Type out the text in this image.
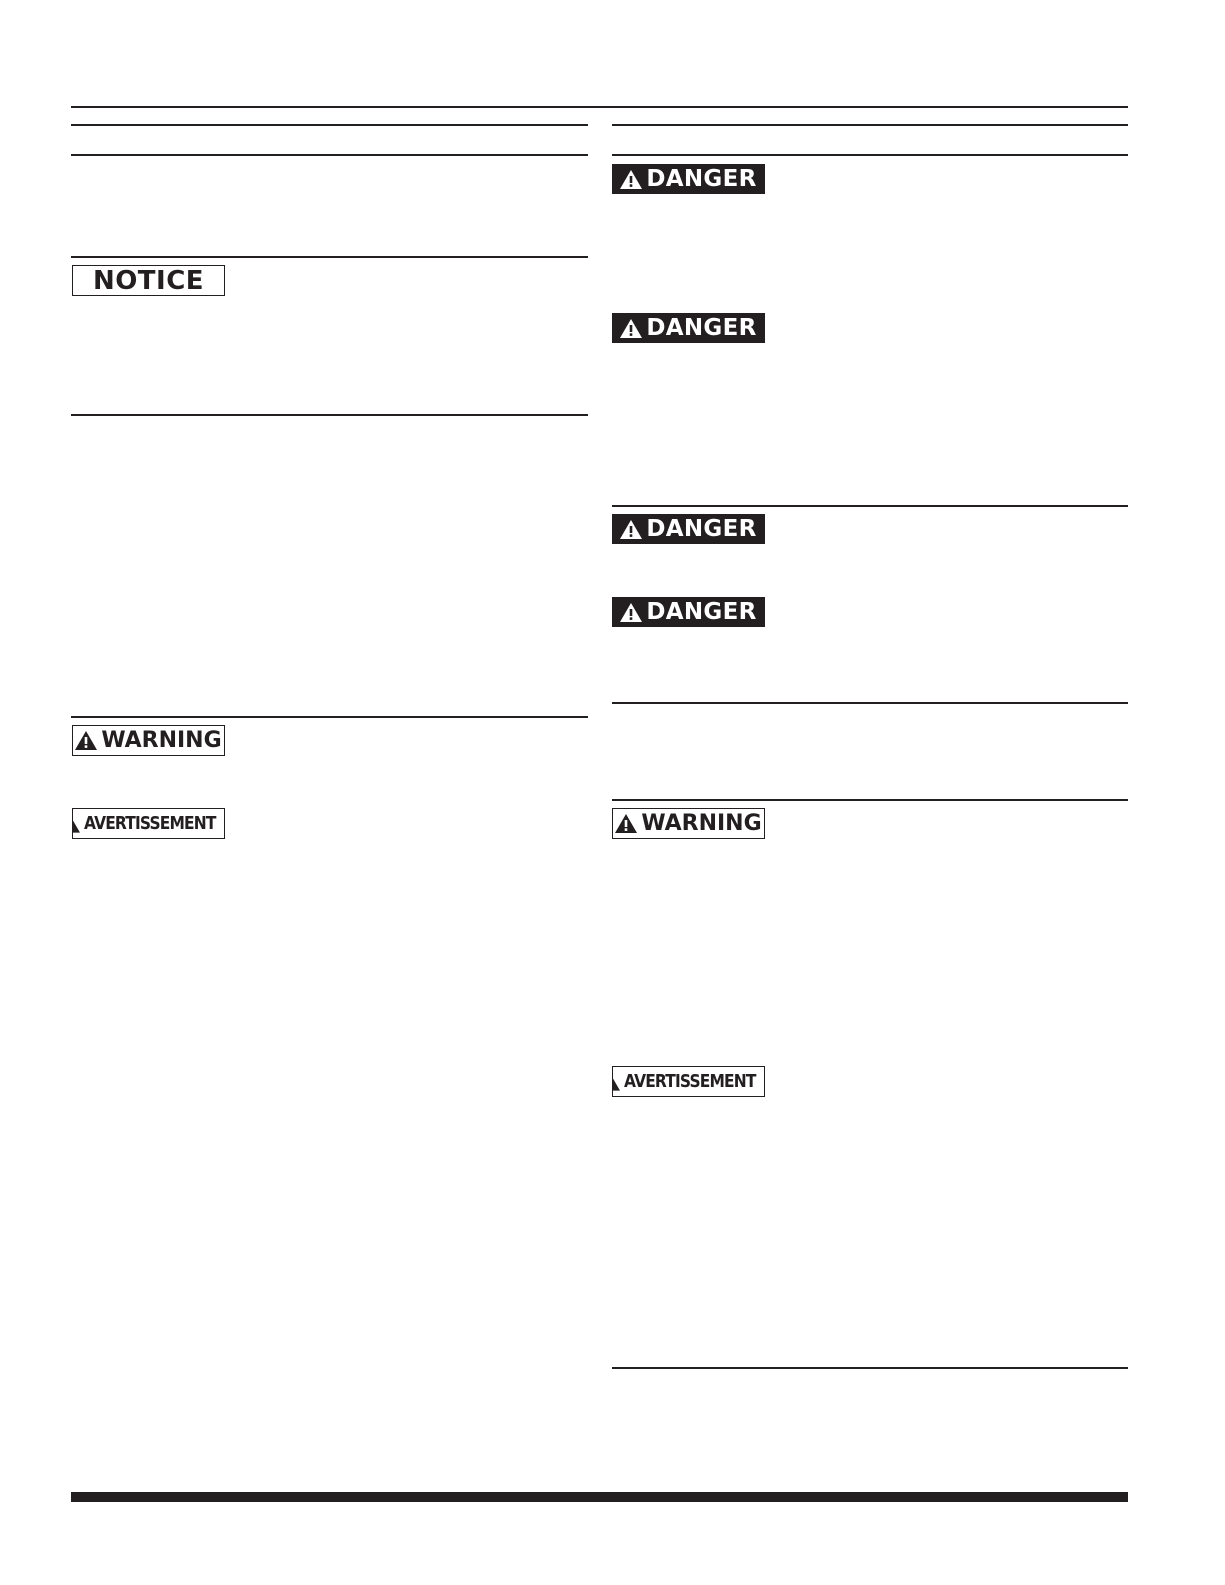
NOTICE
WARNING
AVERTISSEMENT
DANGER
DANGER
DANGER
DANGER
WARNING
AVERTISSEMENT
